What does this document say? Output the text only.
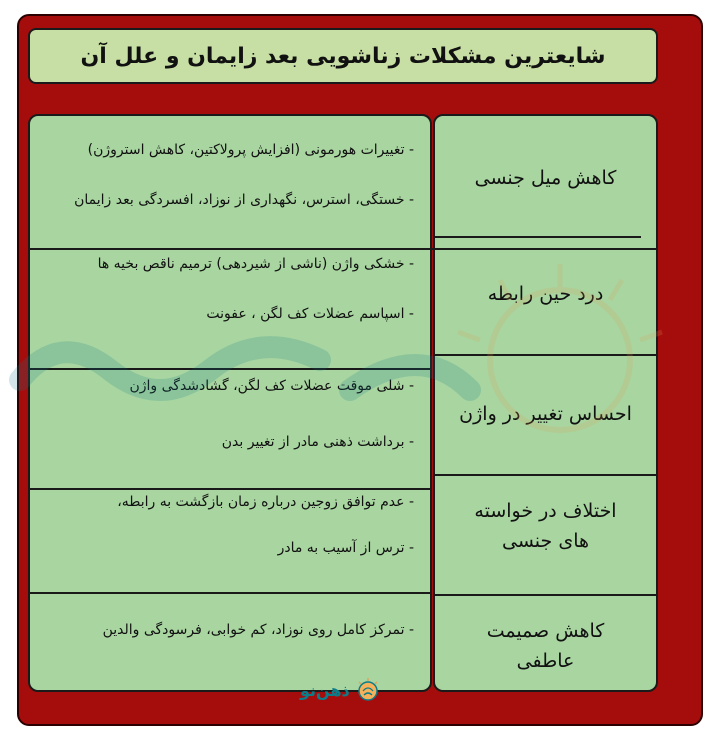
شایعترین مشکلات زناشویی بعد زایمان و علل آن
- تغییرات هورمونی (افزایش پرولاکتین، کاهش استروژن)
- خستگی، استرس، نگهداری از نوزاد، افسردگی بعد زایمان
- خشکی واژن (ناشی از شیردهی) ترمیم ناقص بخیه ها
- اسپاسم عضلات کف لگن ، عفونت
- شلی موقت عضلات کف لگن، گشادشدگی واژن
- برداشت ذهنی مادر از تغییر بدن
- عدم توافق زوجین درباره زمان بازگشت به رابطه،
- ترس از آسیب به مادر
- تمرکز کامل روی نوزاد، کم خوابی، فرسودگی والدین
کاهش میل جنسی
درد حین رابطه
احساس تغییر در واژن
اختلاف در خواسته
های جنسی
کاهش صمیمت
عاطفی
ذهن‌نو
